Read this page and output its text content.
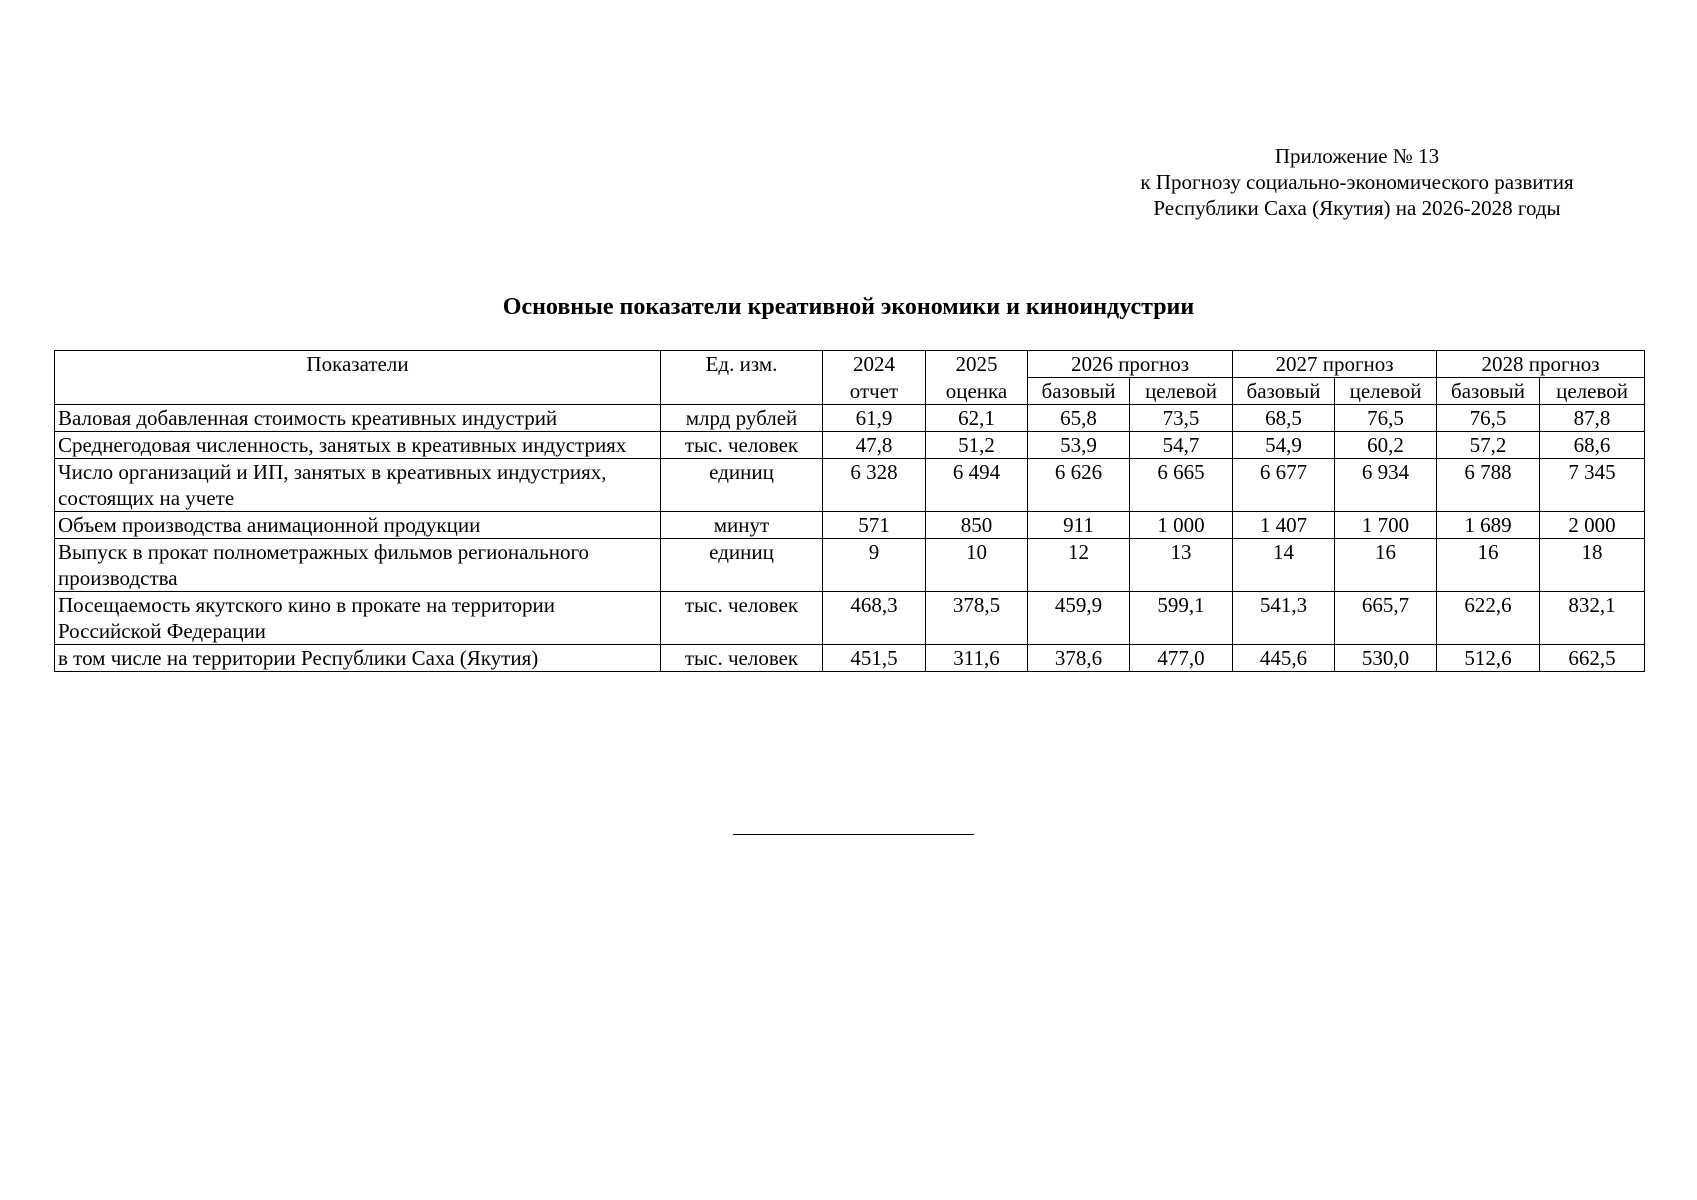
Приложение № 13
к Прогнозу социально-экономического развития
Республики Саха (Якутия) на 2026-2028 годы
Основные показатели креативной экономики и киноиндустрии
Показатели	Ед. изм.	2024	2025	2026 прогноз		2027 прогноз		2028 прогноз	
		отчет	оценка	базовый	целевой	базовый	целевой	базовый	целевой
Валовая добавленная стоимость креативных индустрий	млрд рублей	61,9	62,1	65,8	73,5	68,5	76,5	76,5	87,8
Среднегодовая численность, занятых в креативных индустриях	тыс. человек	47,8	51,2	53,9	54,7	54,9	60,2	57,2	68,6
Число организаций и ИП, занятых в креативных индустриях, состоящих на учете	единиц	6 328	6 494	6 626	6 665	6 677	6 934	6 788	7 345
Объем производства анимационной продукции	минут	571	850	911	1 000	1 407	1 700	1 689	2 000
Выпуск в прокат полнометражных фильмов регионального производства	единиц	9	10	12	13	14	16	16	18
Посещаемость якутского кино в прокате на территории Российской Федерации	тыс. человек	468,3	378,5	459,9	599,1	541,3	665,7	622,6	832,1
в том числе на территории Республики Саха (Якутия)	тыс. человек	451,5	311,6	378,6	477,0	445,6	530,0	512,6	662,5
